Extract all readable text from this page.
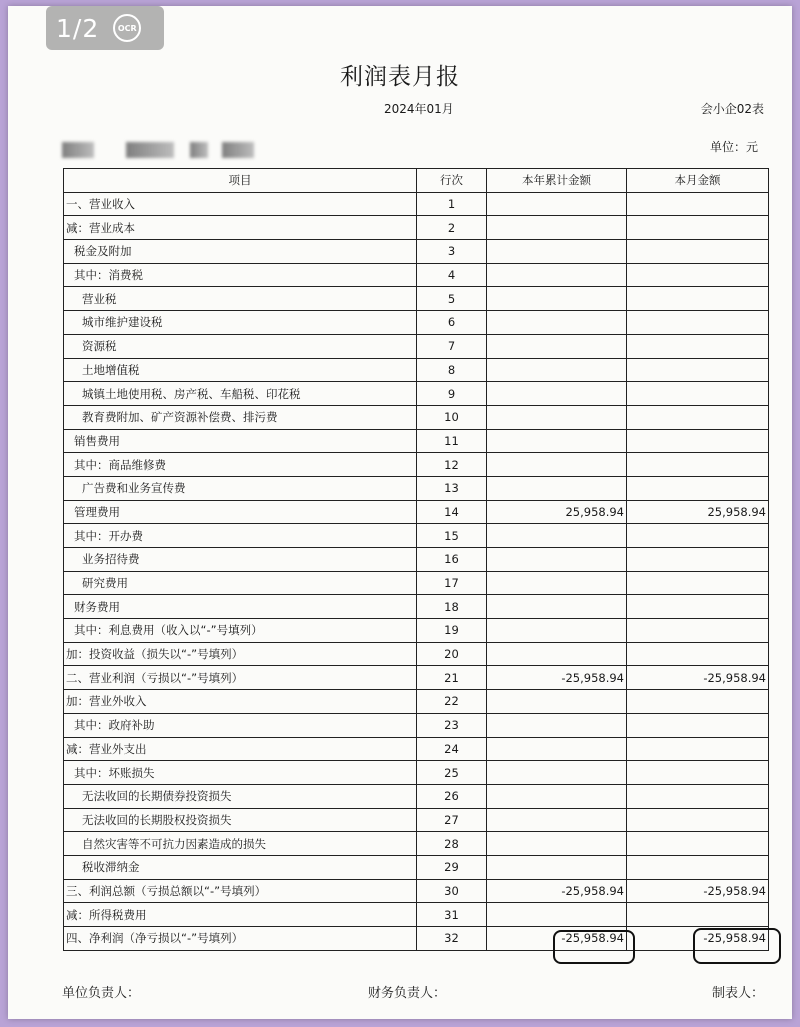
1/2	OCR
利润表月报
2024年01月	会小企02表
单位：元
项目	行次	本年累计金额	本月金额
一、营业收入	1		
减：营业成本	2		
税金及附加	3		
其中：消费税	4		
营业税	5		
城市维护建设税	6		
资源税	7		
土地增值税	8		
城镇土地使用税、房产税、车船税、印花税	9		
教育费附加、矿产资源补偿费、排污费	10		
销售费用	11		
其中：商品维修费	12		
广告费和业务宣传费	13		
管理费用	14	25,958.94	25,958.94
其中：开办费	15		
业务招待费	16		
研究费用	17		
财务费用	18		
其中：利息费用（收入以“-”号填列）	19		
加：投资收益（损失以“-”号填列）	20		
二、营业利润（亏损以“-”号填列）	21	-25,958.94	-25,958.94
加：营业外收入	22		
其中：政府补助	23		
减：营业外支出	24		
其中：坏账损失	25		
无法收回的长期债券投资损失	26		
无法收回的长期股权投资损失	27		
自然灾害等不可抗力因素造成的损失	28		
税收滞纳金	29		
三、利润总额（亏损总额以“-”号填列）	30	-25,958.94	-25,958.94
减：所得税费用	31		
四、净利润（净亏损以“-”号填列）	32	-25,958.94	-25,958.94
单位负责人：	财务负责人：	制表人：
